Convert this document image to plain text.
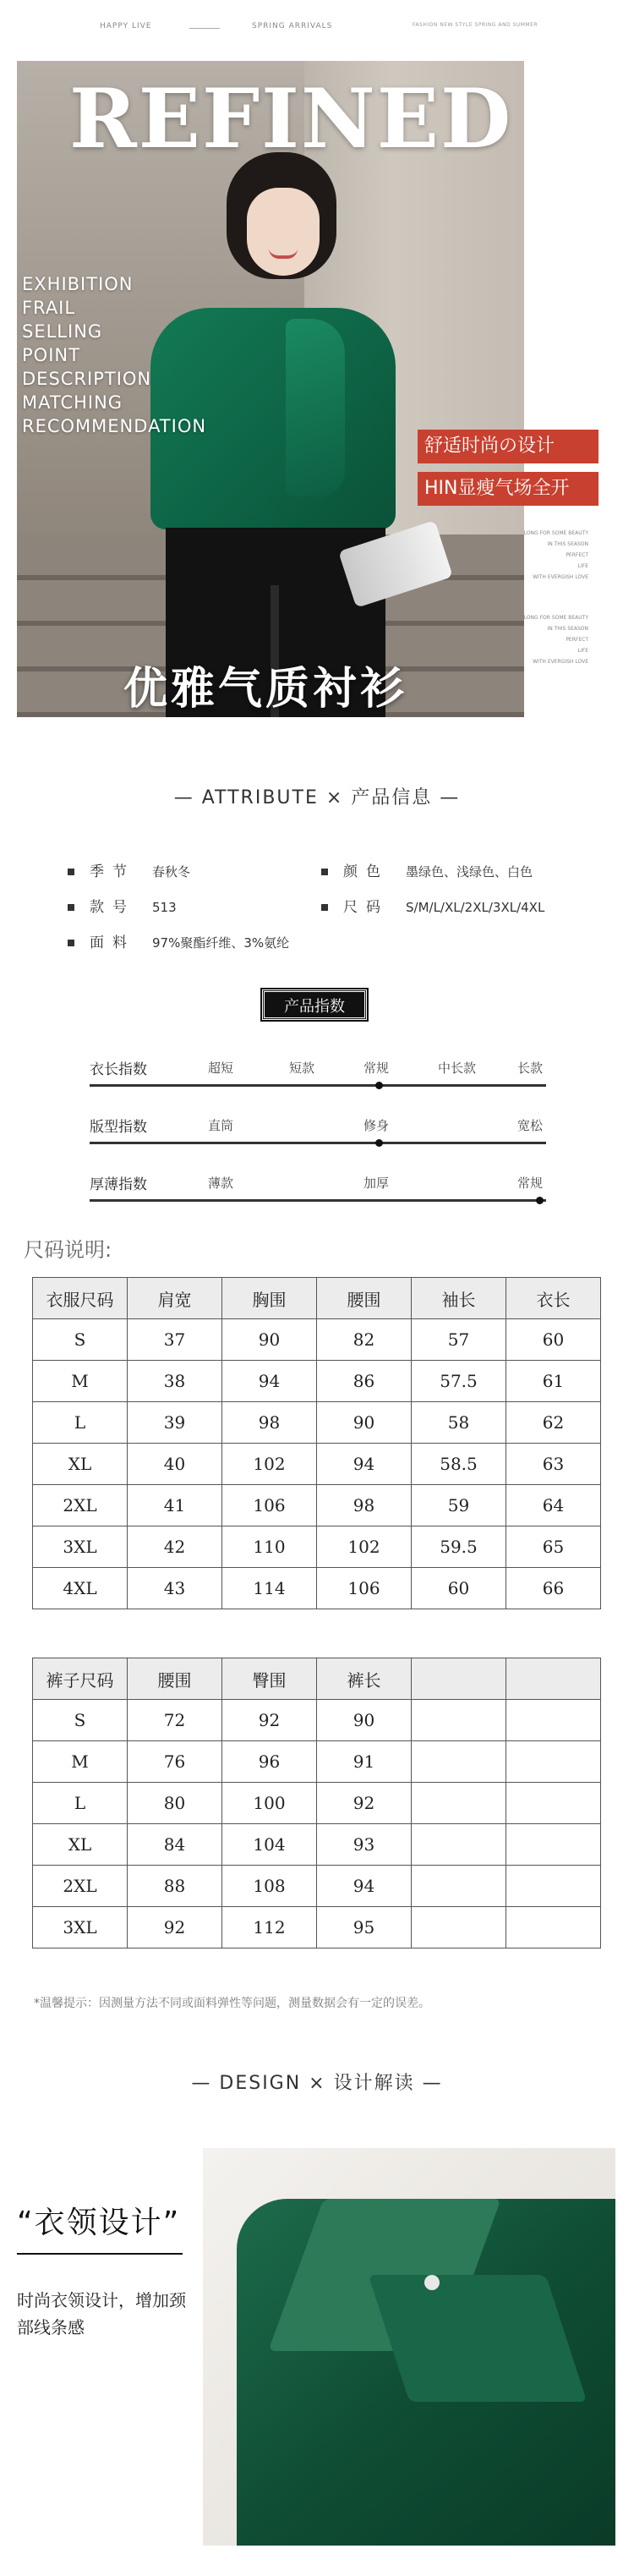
HAPPY LIVE	SPRING ARRIVALS	FASHION NEW STYLE SPRING AND SUMMER
REFINED
EXHIBITION
FRAIL
SELLING
POINT
DESCRIPTION
MATCHING
RECOMMENDATION
优雅气质衬衫
舒适时尚の设计
HIN显瘦气场全开
LONG FOR SOME BEAUTY
IN THIS SEASON
PERFECT
LIFE
WITH EVERGISH LOVE
LONG FOR SOME BEAUTY
IN THIS SEASON
PERFECT
LIFE
WITH EVERGISH LOVE
— ATTRIBUTE × 产品信息 —
季节 春秋冬	颜色 墨绿色、浅绿色、白色
款号 513	尺码 S/M/L/XL/2XL/3XL/4XL
面料 97%聚酯纤维、3%氨纶
产品指数
衣长指数	超短	短款	常规	中长款	长款
版型指数	直筒	修身	宽松
厚薄指数	薄款	加厚	常规
尺码说明:
衣服尺码	肩宽	胸围	腰围	袖长	衣长
S	37	90	82	57	60
M	38	94	86	57.5	61
L	39	98	90	58	62
XL	40	102	94	58.5	63
2XL	41	106	98	59	64
3XL	42	110	102	59.5	65
4XL	43	114	106	60	66
裤子尺码	腰围	臀围	裤长		
S	72	92	90		
M	76	96	91		
L	80	100	92		
XL	84	104	93		
2XL	88	108	94		
3XL	92	112	95		
*温馨提示：因测量方法不同或面料弹性等问题，测量数据会有一定的误差。
— DESIGN × 设计解读 —
“衣领设计”
时尚衣领设计，增加颈部线条感
